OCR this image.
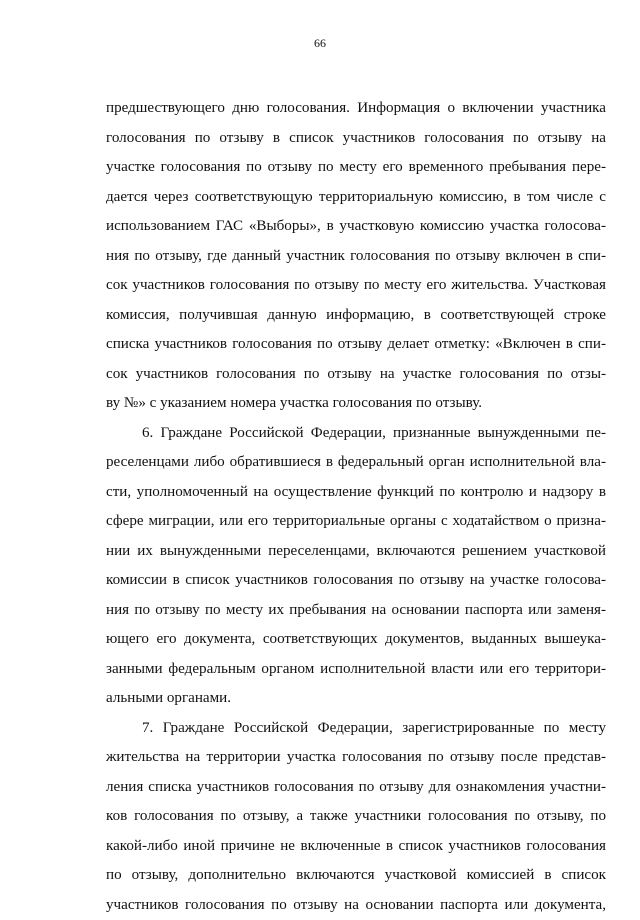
66
предшествующего дню голосования. Информация о включении участника
голосования по отзыву в список участников голосования по отзыву на
участке голосования по отзыву по месту его временного пребывания пере-
дается через соответствующую территориальную комиссию, в том числе с
использованием ГАС «Выборы», в участковую комиссию участка голосова-
ния по отзыву, где данный участник голосования по отзыву включен в спи-
сок участников голосования по отзыву по месту его жительства. Участковая
комиссия, получившая данную информацию, в соответствующей строке
списка участников голосования по отзыву делает отметку: «Включен в спи-
сок участников голосования по отзыву на участке голосования по отзы-
ву №» с указанием номера участка голосования по отзыву.
6. Граждане Российской Федерации, признанные вынужденными пе-
реселенцами либо обратившиеся в федеральный орган исполнительной вла-
сти, уполномоченный на осуществление функций по контролю и надзору в
сфере миграции, или его территориальные органы с ходатайством о призна-
нии их вынужденными переселенцами, включаются решением участковой
комиссии в список участников голосования по отзыву на участке голосова-
ния по отзыву по месту их пребывания на основании паспорта или заменя-
ющего его документа, соответствующих документов, выданных вышеука-
занными федеральным органом исполнительной власти или его территори-
альными органами.
7. Граждане Российской Федерации, зарегистрированные по месту
жительства на территории участка голосования по отзыву после представ-
ления списка участников голосования по отзыву для ознакомления участни-
ков голосования по отзыву, а также участники голосования по отзыву, по
какой-либо иной причине не включенные в список участников голосования
по отзыву, дополнительно включаются участковой комиссией в список
участников голосования по отзыву на основании паспорта или документа,
